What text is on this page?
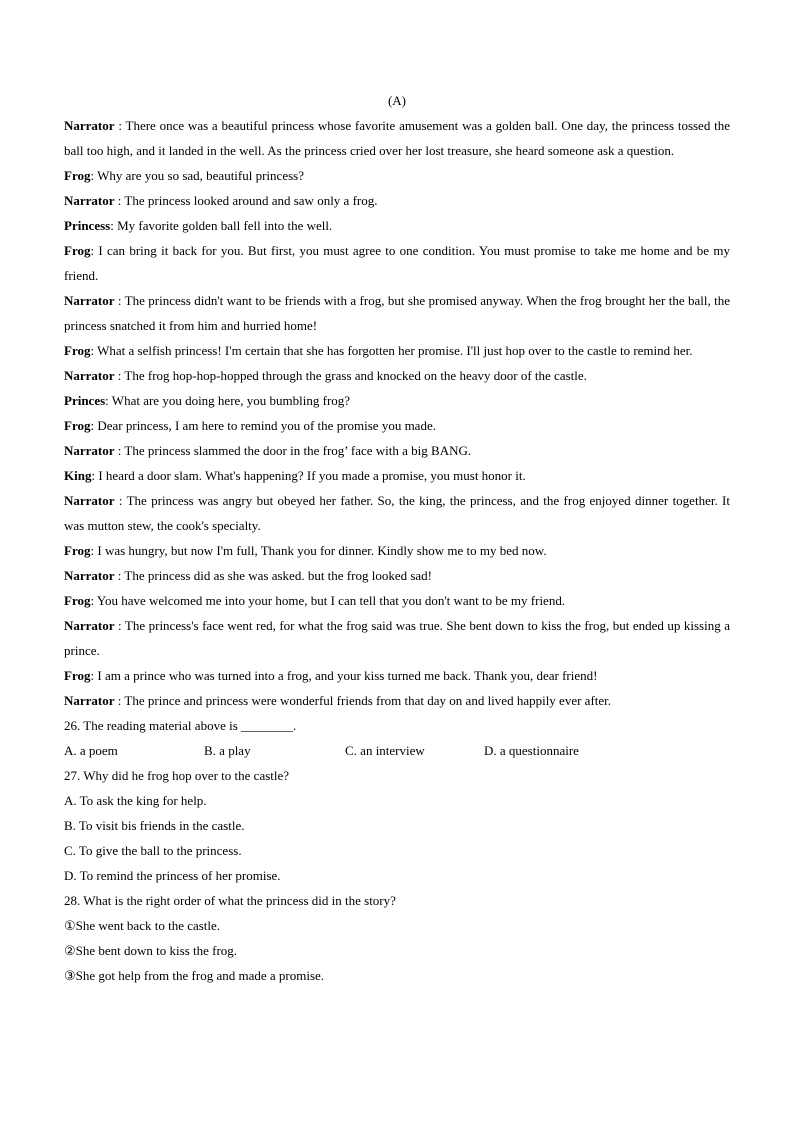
(A)

Narrator : There once was a beautiful princess whose favorite amusement was a golden ball. One day, the princess tossed the ball too high, and it landed in the well. As the princess cried over her lost treasure, she heard someone ask a question.

Frog: Why are you so sad, beautiful princess?

Narrator : The princess looked around and saw only a frog.

Princess: My favorite golden ball fell into the well.

Frog: I can bring it back for you. But first, you must agree to one condition. You must promise to take me home and be my friend.

Narrator : The princess didn't want to be friends with a frog, but she promised anyway. When the frog brought her the ball, the princess snatched it from him and hurried home!

Frog: What a selfish princess! I'm certain that she has forgotten her promise. I'll just hop over to the castle to remind her.

Narrator : The frog hop-hop-hopped through the grass and knocked on the heavy door of the castle.

Princes: What are you doing here, you bumbling frog?

Frog: Dear princess, I am here to remind you of the promise you made.

Narrator : The princess slammed the door in the frog’ face with a big BANG.

King: I heard a door slam. What's happening? If you made a promise, you must honor it.

Narrator : The princess was angry but obeyed her father. So, the king, the princess, and the frog enjoyed dinner together. It was mutton stew, the cook's specialty.

Frog: I was hungry, but now I'm full, Thank you for dinner. Kindly show me to my bed now.

Narrator : The princess did as she was asked. but the frog looked sad!

Frog: You have welcomed me into your home, but I can tell that you don't want to be my friend.

Narrator : The princess's face went red, for what the frog said was true. She bent down to kiss the frog, but ended up kissing a prince.

Frog: I am a prince who was turned into a frog, and your kiss turned me back. Thank you, dear friend!

Narrator : The prince and princess were wonderful friends from that day on and lived happily ever after.

26. The reading material above is ________.

A. a poem	B. a play	C. an interview	D. a questionnaire

27. Why did he frog hop over to the castle?

A. To ask the king for help.

B. To visit bis friends in the castle.

C. To give the ball to the princess.

D. To remind the princess of her promise.

28. What is the right order of what the princess did in the story?

①She went back to the castle.

②She bent down to kiss the frog.

③She got help from the frog and made a promise.
